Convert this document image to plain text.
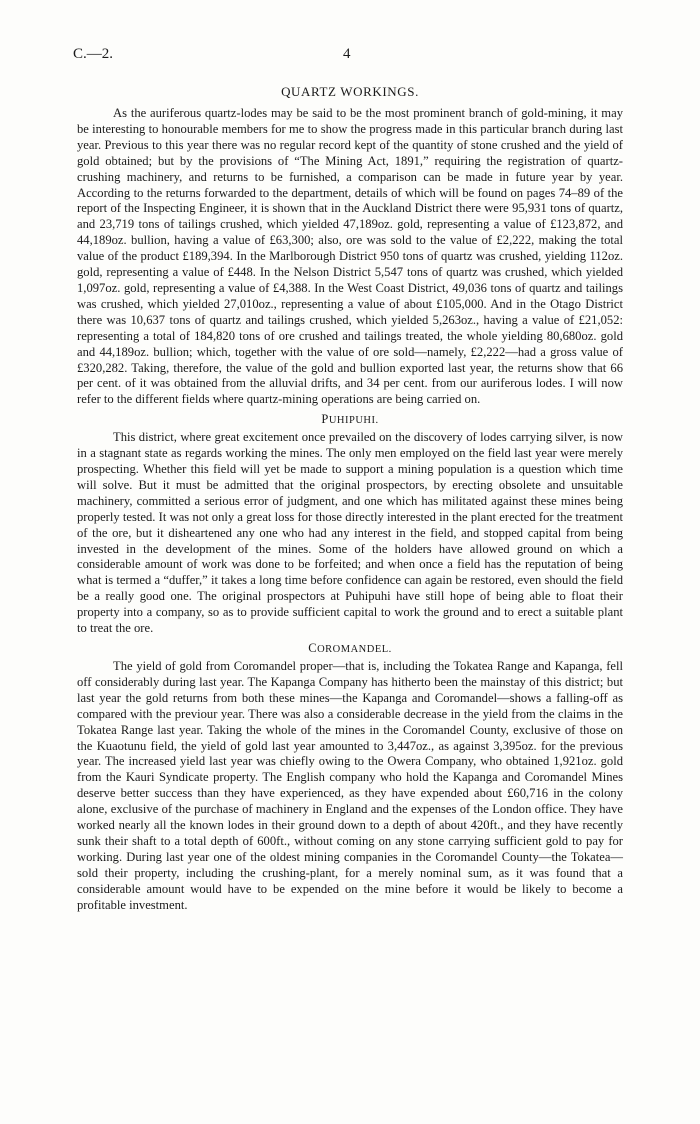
C.—2.	4
QUARTZ WORKINGS.

As the auriferous quartz-lodes may be said to be the most prominent branch of gold-mining, it may be interesting to honourable members for me to show the progress made in this particular branch during last year. Previous to this year there was no regular record kept of the quantity of stone crushed and the yield of gold obtained; but by the provisions of “The Mining Act, 1891,” requiring the registration of quartz-crushing machinery, and returns to be furnished, a comparison can be made in future year by year. According to the returns forwarded to the department, details of which will be found on pages 74–89 of the report of the Inspecting Engineer, it is shown that in the Auckland District there were 95,931 tons of quartz, and 23,719 tons of tailings crushed, which yielded 47,189oz. gold, representing a value of £123,872, and 44,189oz. bullion, having a value of £63,300; also, ore was sold to the value of £2,222, making the total value of the product £189,394. In the Marlborough District 950 tons of quartz was crushed, yielding 112oz. gold, representing a value of £448. In the Nelson District 5,547 tons of quartz was crushed, which yielded 1,097oz. gold, representing a value of £4,388. In the West Coast District, 49,036 tons of quartz and tailings was crushed, which yielded 27,010oz., representing a value of about £105,000. And in the Otago District there was 10,637 tons of quartz and tailings crushed, which yielded 5,263oz., having a value of £21,052: representing a total of 184,820 tons of ore crushed and tailings treated, the whole yielding 80,680oz. gold and 44,189oz. bullion; which, together with the value of ore sold—namely, £2,222—had a gross value of £320,282. Taking, therefore, the value of the gold and bullion exported last year, the returns show that 66 per cent. of it was obtained from the alluvial drifts, and 34 per cent. from our auriferous lodes. I will now refer to the different fields where quartz-mining operations are being carried on.

PUHIPUHI.

This district, where great excitement once prevailed on the discovery of lodes carrying silver, is now in a stagnant state as regards working the mines. The only men employed on the field last year were merely prospecting. Whether this field will yet be made to support a mining population is a question which time will solve. But it must be admitted that the original prospectors, by erecting obsolete and unsuitable machinery, committed a serious error of judgment, and one which has militated against these mines being properly tested. It was not only a great loss for those directly interested in the plant erected for the treatment of the ore, but it disheartened any one who had any interest in the field, and stopped capital from being invested in the development of the mines. Some of the holders have allowed ground on which a considerable amount of work was done to be forfeited; and when once a field has the reputation of being what is termed a “duffer,” it takes a long time before confidence can again be restored, even should the field be a really good one. The original prospectors at Puhipuhi have still hope of being able to float their property into a company, so as to provide sufficient capital to work the ground and to erect a suitable plant to treat the ore.

COROMANDEL.

The yield of gold from Coromandel proper—that is, including the Tokatea Range and Kapanga, fell off considerably during last year. The Kapanga Company has hitherto been the mainstay of this district; but last year the gold returns from both these mines—the Kapanga and Coromandel—shows a falling-off as compared with the previour year. There was also a considerable decrease in the yield from the claims in the Tokatea Range last year. Taking the whole of the mines in the Coromandel County, exclusive of those on the Kuaotunu field, the yield of gold last year amounted to 3,447oz., as against 3,395oz. for the previous year. The increased yield last year was chiefly owing to the Owera Company, who obtained 1,921oz. gold from the Kauri Syndicate property. The English company who hold the Kapanga and Coromandel Mines deserve better success than they have experienced, as they have expended about £60,716 in the colony alone, exclusive of the purchase of machinery in England and the expenses of the London office. They have worked nearly all the known lodes in their ground down to a depth of about 420ft., and they have recently sunk their shaft to a total depth of 600ft., without coming on any stone carrying sufficient gold to pay for working. During last year one of the oldest mining companies in the Coromandel County—the Tokatea—sold their property, including the crushing-plant, for a merely nominal sum, as it was found that a considerable amount would have to be expended on the mine before it would be likely to become a profitable investment.
